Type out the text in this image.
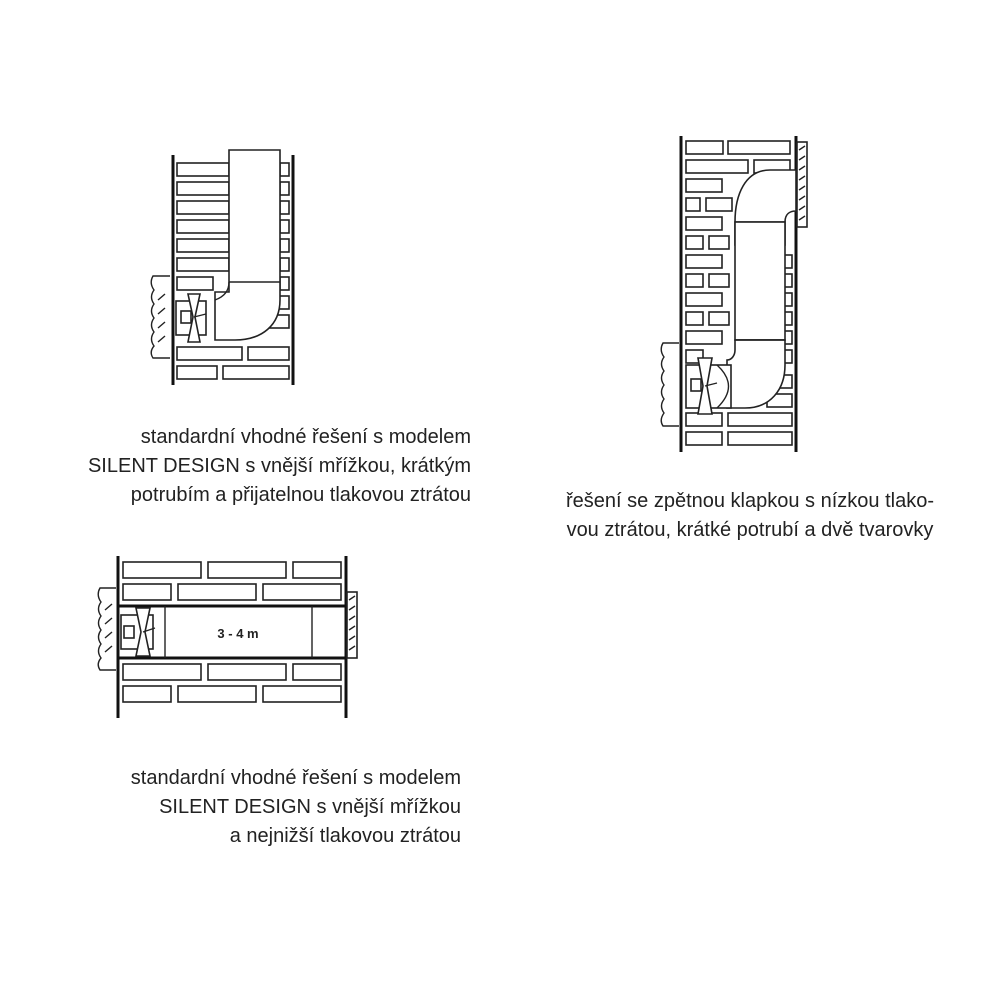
3 - 4 m
standardní vhodné řešení s modelem
SILENT DESIGN s vnější mřížkou, krátkým
potrubím a přijatelnou tlakovou ztrátou	řešení se zpětnou klapkou s nízkou tlako-
vou ztrátou, krátké potrubí a dvě tvarovky
standardní vhodné řešení s modelem
SILENT DESIGN s vnější mřížkou
a nejnižší tlakovou ztrátou
